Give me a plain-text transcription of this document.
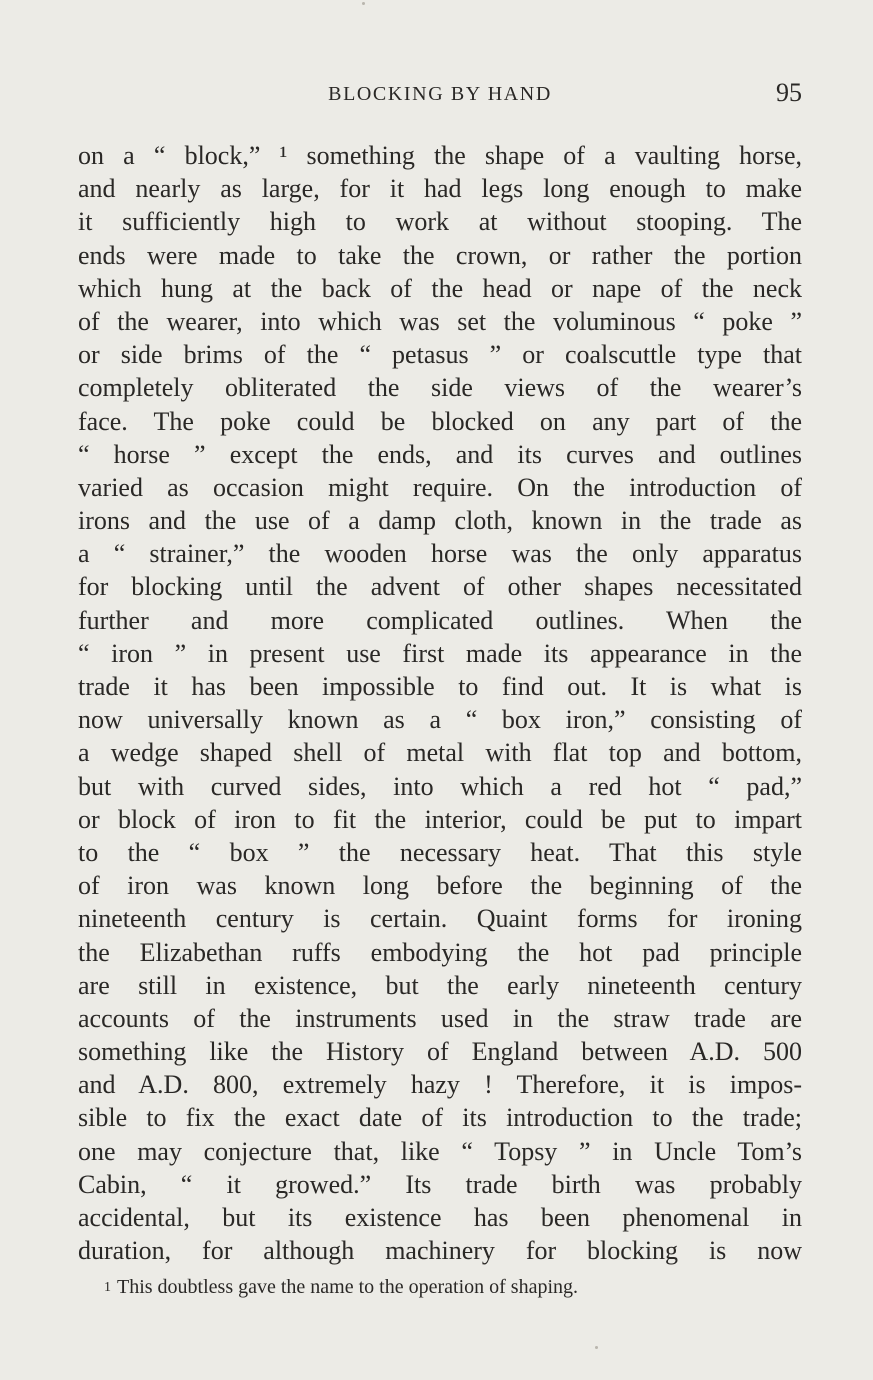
BLOCKING BY HAND	95
on a “ block,” ¹ something the shape of a vaulting horse,
and nearly as large, for it had legs long enough to make
it sufficiently high to work at without stooping. The
ends were made to take the crown, or rather the portion
which hung at the back of the head or nape of the neck
of the wearer, into which was set the voluminous “ poke ”
or side brims of the “ petasus ” or coalscuttle type that
completely obliterated the side views of the wearer’s
face. The poke could be blocked on any part of the
“ horse ” except the ends, and its curves and outlines
varied as occasion might require. On the introduction of
irons and the use of a damp cloth, known in the trade as
a “ strainer,” the wooden horse was the only apparatus
for blocking until the advent of other shapes necessitated
further and more complicated outlines. When the
“ iron ” in present use first made its appearance in the
trade it has been impossible to find out. It is what is
now universally known as a “ box iron,” consisting of
a wedge shaped shell of metal with flat top and bottom,
but with curved sides, into which a red hot “ pad,”
or block of iron to fit the interior, could be put to impart
to the “ box ” the necessary heat. That this style
of iron was known long before the beginning of the
nineteenth century is certain. Quaint forms for ironing
the Elizabethan ruffs embodying the hot pad principle
are still in existence, but the early nineteenth century
accounts of the instruments used in the straw trade are
something like the History of England between A.D. 500
and A.D. 800, extremely hazy ! Therefore, it is impos-
sible to fix the exact date of its introduction to the trade;
one may conjecture that, like “ Topsy ” in Uncle Tom’s
Cabin, “ it growed.” Its trade birth was probably
accidental, but its existence has been phenomenal in
duration, for although machinery for blocking is now
$^1$ This doubtless gave the name to the operation of shaping.
